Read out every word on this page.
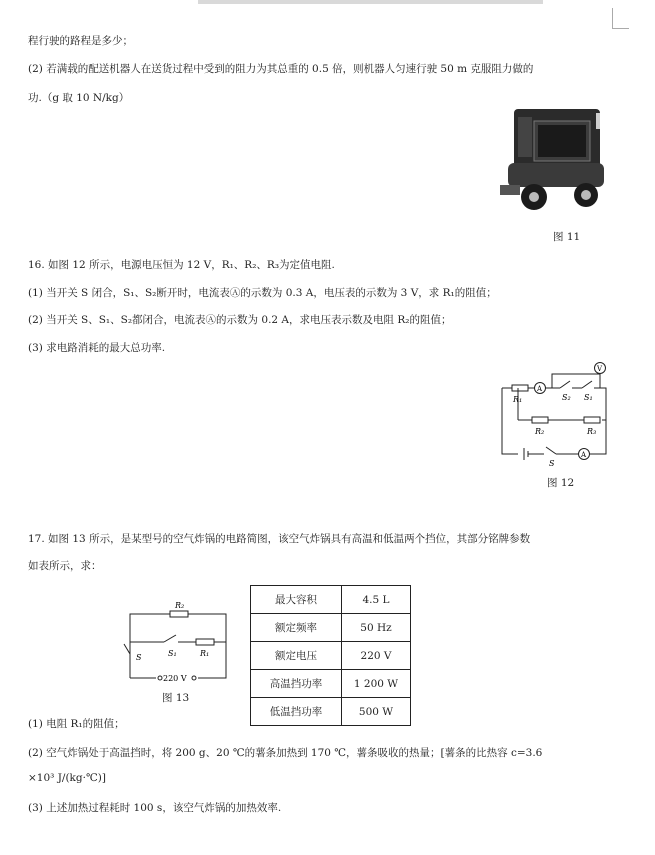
程行驶的路程是多少；
(2) 若满载的配送机器人在送货过程中受到的阻力为其总重的 0.5 倍，则机器人匀速行驶 50 m 克服阻力做的
功.（g 取 10 N/kg）
图 11
16. 如图 12 所示，电源电压恒为 12 V，R₁、R₂、R₃为定值电阻.
(1) 当开关 S 闭合，S₁、S₂断开时，电流表Ⓐ的示数为 0.3 A，电压表的示数为 3 V，求 R₁的阻值；
(2) 当开关 S、S₁、S₂都闭合，电流表Ⓐ的示数为 0.2 A，求电压表示数及电阻 R₂的阻值；
(3) 求电路消耗的最大总功率.
R₁
A
S₂ S₁
V
R₂	R₃
A
S
图 12
17. 如图 13 所示，是某型号的空气炸锅的电路简图，该空气炸锅具有高温和低温两个挡位，其部分铭牌参数
如表所示，求：
R₂
S₁	R₁
S
220 V
图 13
最大容积	4.5 L
额定频率	50 Hz
额定电压	220 V
高温挡功率	1 200 W
低温挡功率	500 W
(1) 电阻 R₁的阻值；
(2) 空气炸锅处于高温挡时，将 200 g、20 ℃的薯条加热到 170 ℃，薯条吸收的热量；[薯条的比热容 c=3.6
×10³ J/(kg·℃)]
(3) 上述加热过程耗时 100 s，该空气炸锅的加热效率.
